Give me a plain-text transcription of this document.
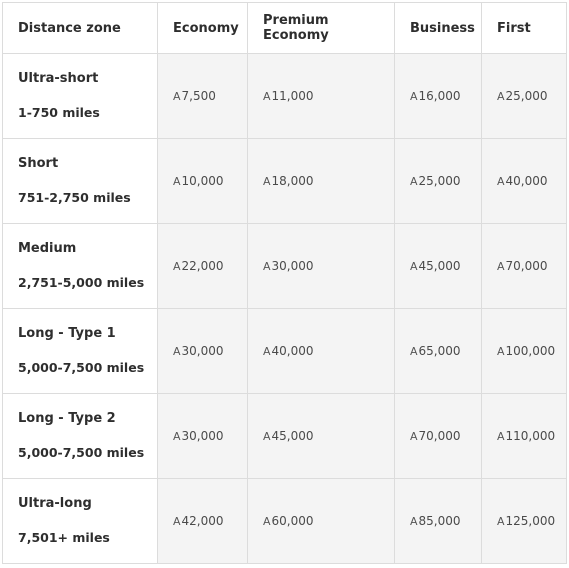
Distance zone	Economy	Premium Economy	Business	First

Ultra-short
1-750 miles	A7,500	A11,000	A16,000	A25,000

Short
751-2,750 miles	A10,000	A18,000	A25,000	A40,000

Medium
2,751-5,000 miles	A22,000	A30,000	A45,000	A70,000

Long - Type 1
5,000-7,500 miles	A30,000	A40,000	A65,000	A100,000

Long - Type 2
5,000-7,500 miles	A30,000	A45,000	A70,000	A110,000

Ultra-long
7,501+ miles	A42,000	A60,000	A85,000	A125,000
